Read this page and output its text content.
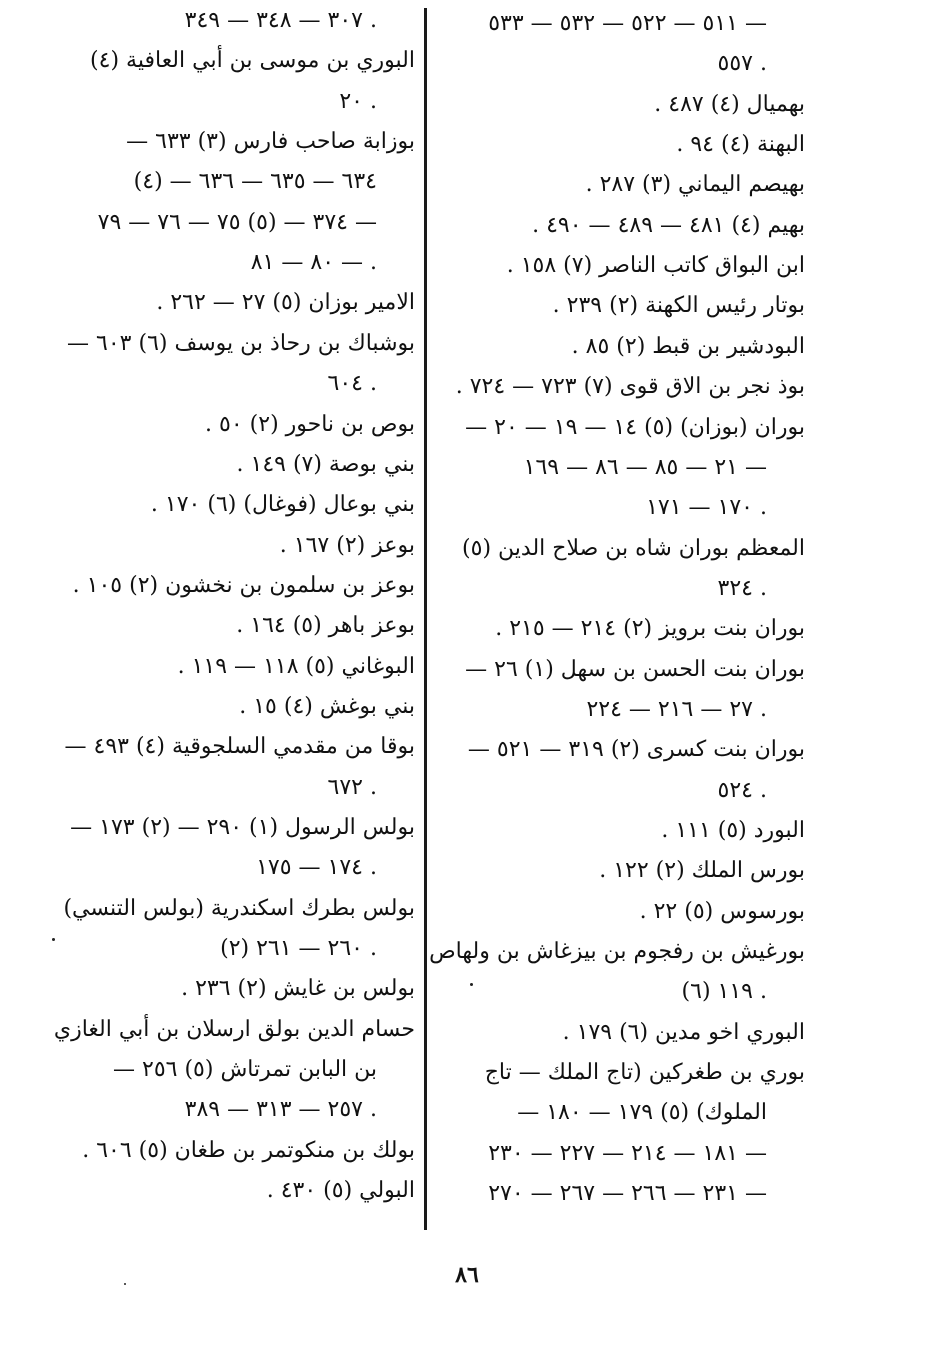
٥١١ — ٥٢٢ — ٥٣٢ — ٥٣٣ —
٥٥٧ .
بهميال (٤) ٤٨٧ .
البهنة (٤) ٩٤ .
بهيصم اليماني (٣) ٢٨٧ .
بهيم (٤) ٤٨١ — ٤٨٩ — ٤٩٠ .
ابن البواق كاتب الناصر (٧) ١٥٨ .
بوتار رئيس الكهنة (٢) ٢٣٩ .
البودشير بن قبط (٢) ٨٥ .
بوذ نجر بن الاق قوى (٧) ٧٢٣ — ٧٢٤ .
بوران (بوزان) (٥) ١٤ — ١٩ — ٢٠ —
٢١ — ٨٥ — ٨٦ — ١٦٩ —
١٧٠ — ١٧١ .
المعظم بوران شاه بن صلاح الدين (٥)
٣٢٤ .
بوران بنت برويز (٢) ٢١٤ — ٢١٥ .
بوران بنت الحسن بن سهل (١) ٢٦ —
٢٧ — ٢١٦ — ٢٢٤ .
بوران بنت كسرى (٢) ٣١٩ — ٥٢١ —
٥٢٤ .
البورد (٥) ١١١ .
بورس الملك (٢) ١٢٢ .
بورسوس (٥) ٢٢ .
بورغيش بن رفجوم بن بيزغاش بن ولهاص
(٦) ١١٩ .
البوري اخو مدين (٦) ١٧٩ .
بوري بن طغركين (تاج الملك — تاج
الملوك) (٥) ١٧٩ — ١٨٠ —
١٨١ — ٢١٤ — ٢٢٧ — ٢٣٠ —
٢٣١ — ٢٦٦ — ٢٦٧ — ٢٧٠ —
٣٠٧ — ٣٤٨ — ٣٤٩ .
البوري بن موسى بن أبي العافية (٤)
٢٠ .
بوزابة صاحب فارس (٣) ٦٣٣ —
٦٣٤ — ٦٣٥ — ٦٣٦ — (٤)
٣٧٤ — (٥) ٧٥ — ٧٦ — ٧٩ —
٨٠ — ٨١ — .
الامير بوزان (٥) ٢٧ — ٢٦٢ .
بوشباك بن رحاذ بن يوسف (٦) ٦٠٣ —
٦٠٤ .
بوص بن ناحور (٢) ٥٠ .
بني بوصة (٧) ١٤٩ .
بني بوعال (فوغال) (٦) ١٧٠ .
بوعز (٢) ١٦٧ .
بوعز بن سلمون بن نخشون (٢) ١٠٥ .
بوعز باهر (٥) ١٦٤ .
البوغاني (٥) ١١٨ — ١١٩ .
بني بوغش (٤) ١٥ .
بوقا من مقدمي السلجوقية (٤) ٤٩٣ —
٦٧٢ .
بولس الرسول (١) ٢٩٠ — (٢) ١٧٣ —
١٧٤ — ١٧٥ .
بولس بطرك اسكندرية (بولس التنسي)
(٢) ٢٦٠ — ٢٦١ .
بولس بن غايش (٢) ٢٣٦ .
حسام الدين بولق ارسلان بن أبي الغازي
بن البابن تمرتاش (٥) ٢٥٦ —
٢٥٧ — ٣١٣ — ٣٨٩ .
بولك بن منكوتمر بن طغان (٥) ٦٠٦ .
البولي (٥) ٤٣٠ .
٨٦
